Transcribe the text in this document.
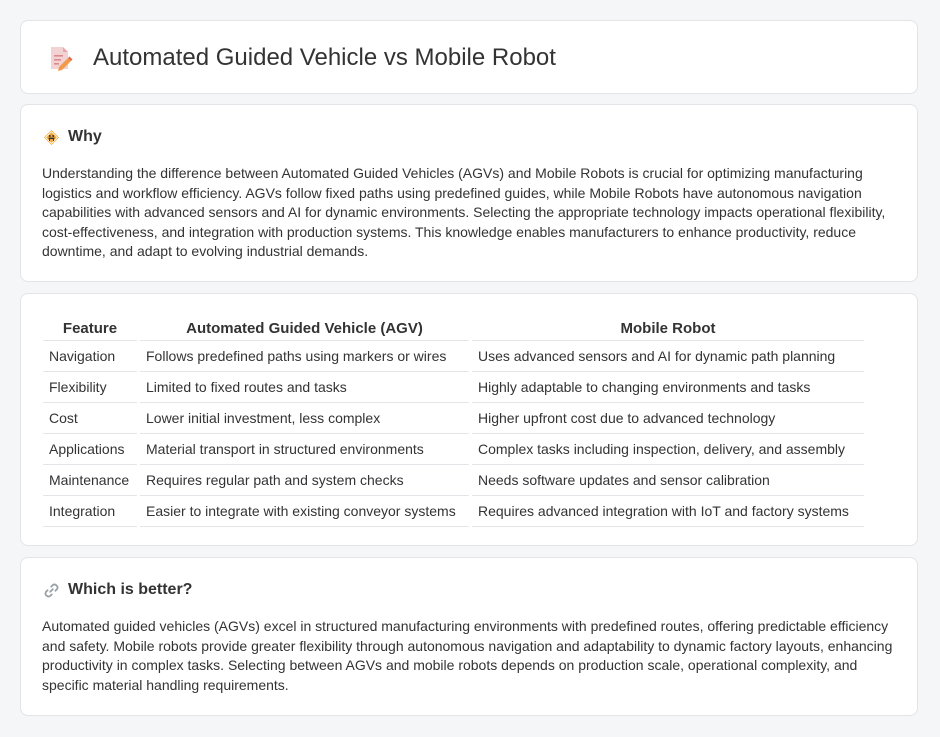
Automated Guided Vehicle vs Mobile Robot
Why

Understanding the difference between Automated Guided Vehicles (AGVs) and Mobile Robots is crucial for optimizing manufacturing logistics and workflow efficiency. AGVs follow fixed paths using predefined guides, while Mobile Robots have autonomous navigation capabilities with advanced sensors and AI for dynamic environments. Selecting the appropriate technology impacts operational flexibility, cost-effectiveness, and integration with production systems. This knowledge enables manufacturers to enhance productivity, reduce downtime, and adapt to evolving industrial demands.

Feature	Automated Guided Vehicle (AGV)	Mobile Robot
Navigation	Follows predefined paths using markers or wires	Uses advanced sensors and AI for dynamic path planning
Flexibility	Limited to fixed routes and tasks	Highly adaptable to changing environments and tasks
Cost	Lower initial investment, less complex	Higher upfront cost due to advanced technology
Applications	Material transport in structured environments	Complex tasks including inspection, delivery, and assembly
Maintenance	Requires regular path and system checks	Needs software updates and sensor calibration
Integration	Easier to integrate with existing conveyor systems	Requires advanced integration with IoT and factory systems
Which is better?

Automated guided vehicles (AGVs) excel in structured manufacturing environments with predefined routes, offering predictable efficiency and safety. Mobile robots provide greater flexibility through autonomous navigation and adaptability to dynamic factory layouts, enhancing productivity in complex tasks. Selecting between AGVs and mobile robots depends on production scale, operational complexity, and specific material handling requirements.
